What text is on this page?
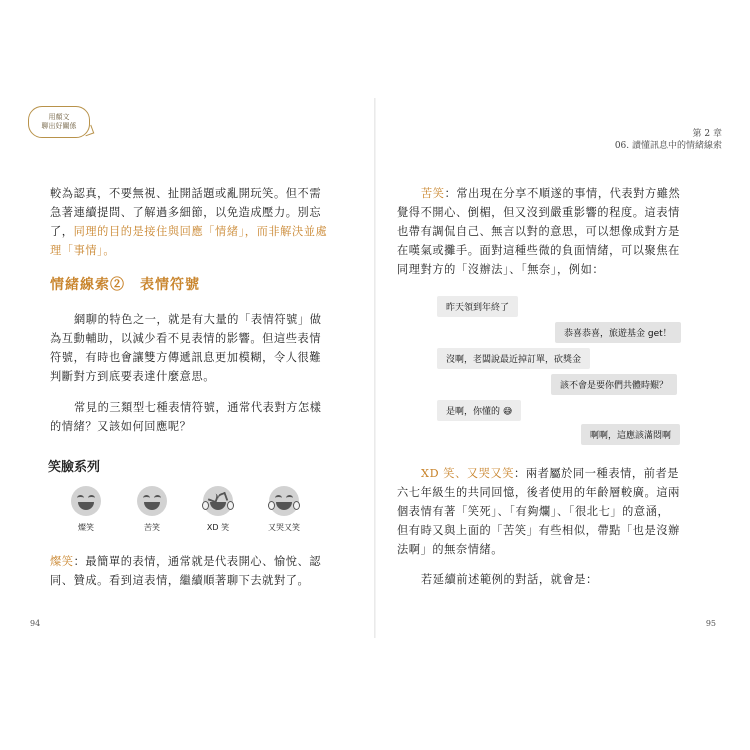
用顏文
聊出好關係

較為認真，不要無視、扯開話題或亂開玩笑。但不需急著連續提問、了解過多細節，以免造成壓力。別忘了，同理的目的是接住與回應「情緒」，而非解決並處理「事情」。

情緒線索②　表情符號

網聊的特色之一，就是有大量的「表情符號」做為互動輔助，以減少看不見表情的影響。但這些表情符號，有時也會讓雙方傳遞訊息更加模糊，令人很難判斷對方到底要表達什麼意思。

常見的三類型七種表情符號，通常代表對方怎樣的情緒？又該如何回應呢？

笑臉系列
燦笑	苦笑	XD 笑	又哭又笑

燦笑：最簡單的表情，通常就是代表開心、愉悅、認同、贊成。看到這表情，繼續順著聊下去就對了。

94
第 2 章
06. 讀懂訊息中的情緒線索

苦笑：常出現在分享不順遂的事情，代表對方雖然覺得不開心、倒楣，但又沒到嚴重影響的程度。這表情也帶有調侃自己、無言以對的意思，可以想像成對方是在嘆氣或攤手。面對這種些微的負面情緒，可以聚焦在同理對方的「沒辦法」、「無奈」，例如：

昨天領到年終了
恭喜恭喜，旅遊基金 get！
沒啊，老闆說最近掉訂單，砍獎金
該不會是要你們共體時艱？
是啊，你懂的 😅
啊啊，這應該滿悶啊

XD 笑、又哭又笑：兩者屬於同一種表情，前者是六七年級生的共同回憶，後者使用的年齡層較廣。這兩個表情有著「笑死」、「有夠爛」、「很北七」的意涵，但有時又與上面的「苦笑」有些相似，帶點「也是沒辦法啊」的無奈情緒。

若延續前述範例的對話，就會是：

95
